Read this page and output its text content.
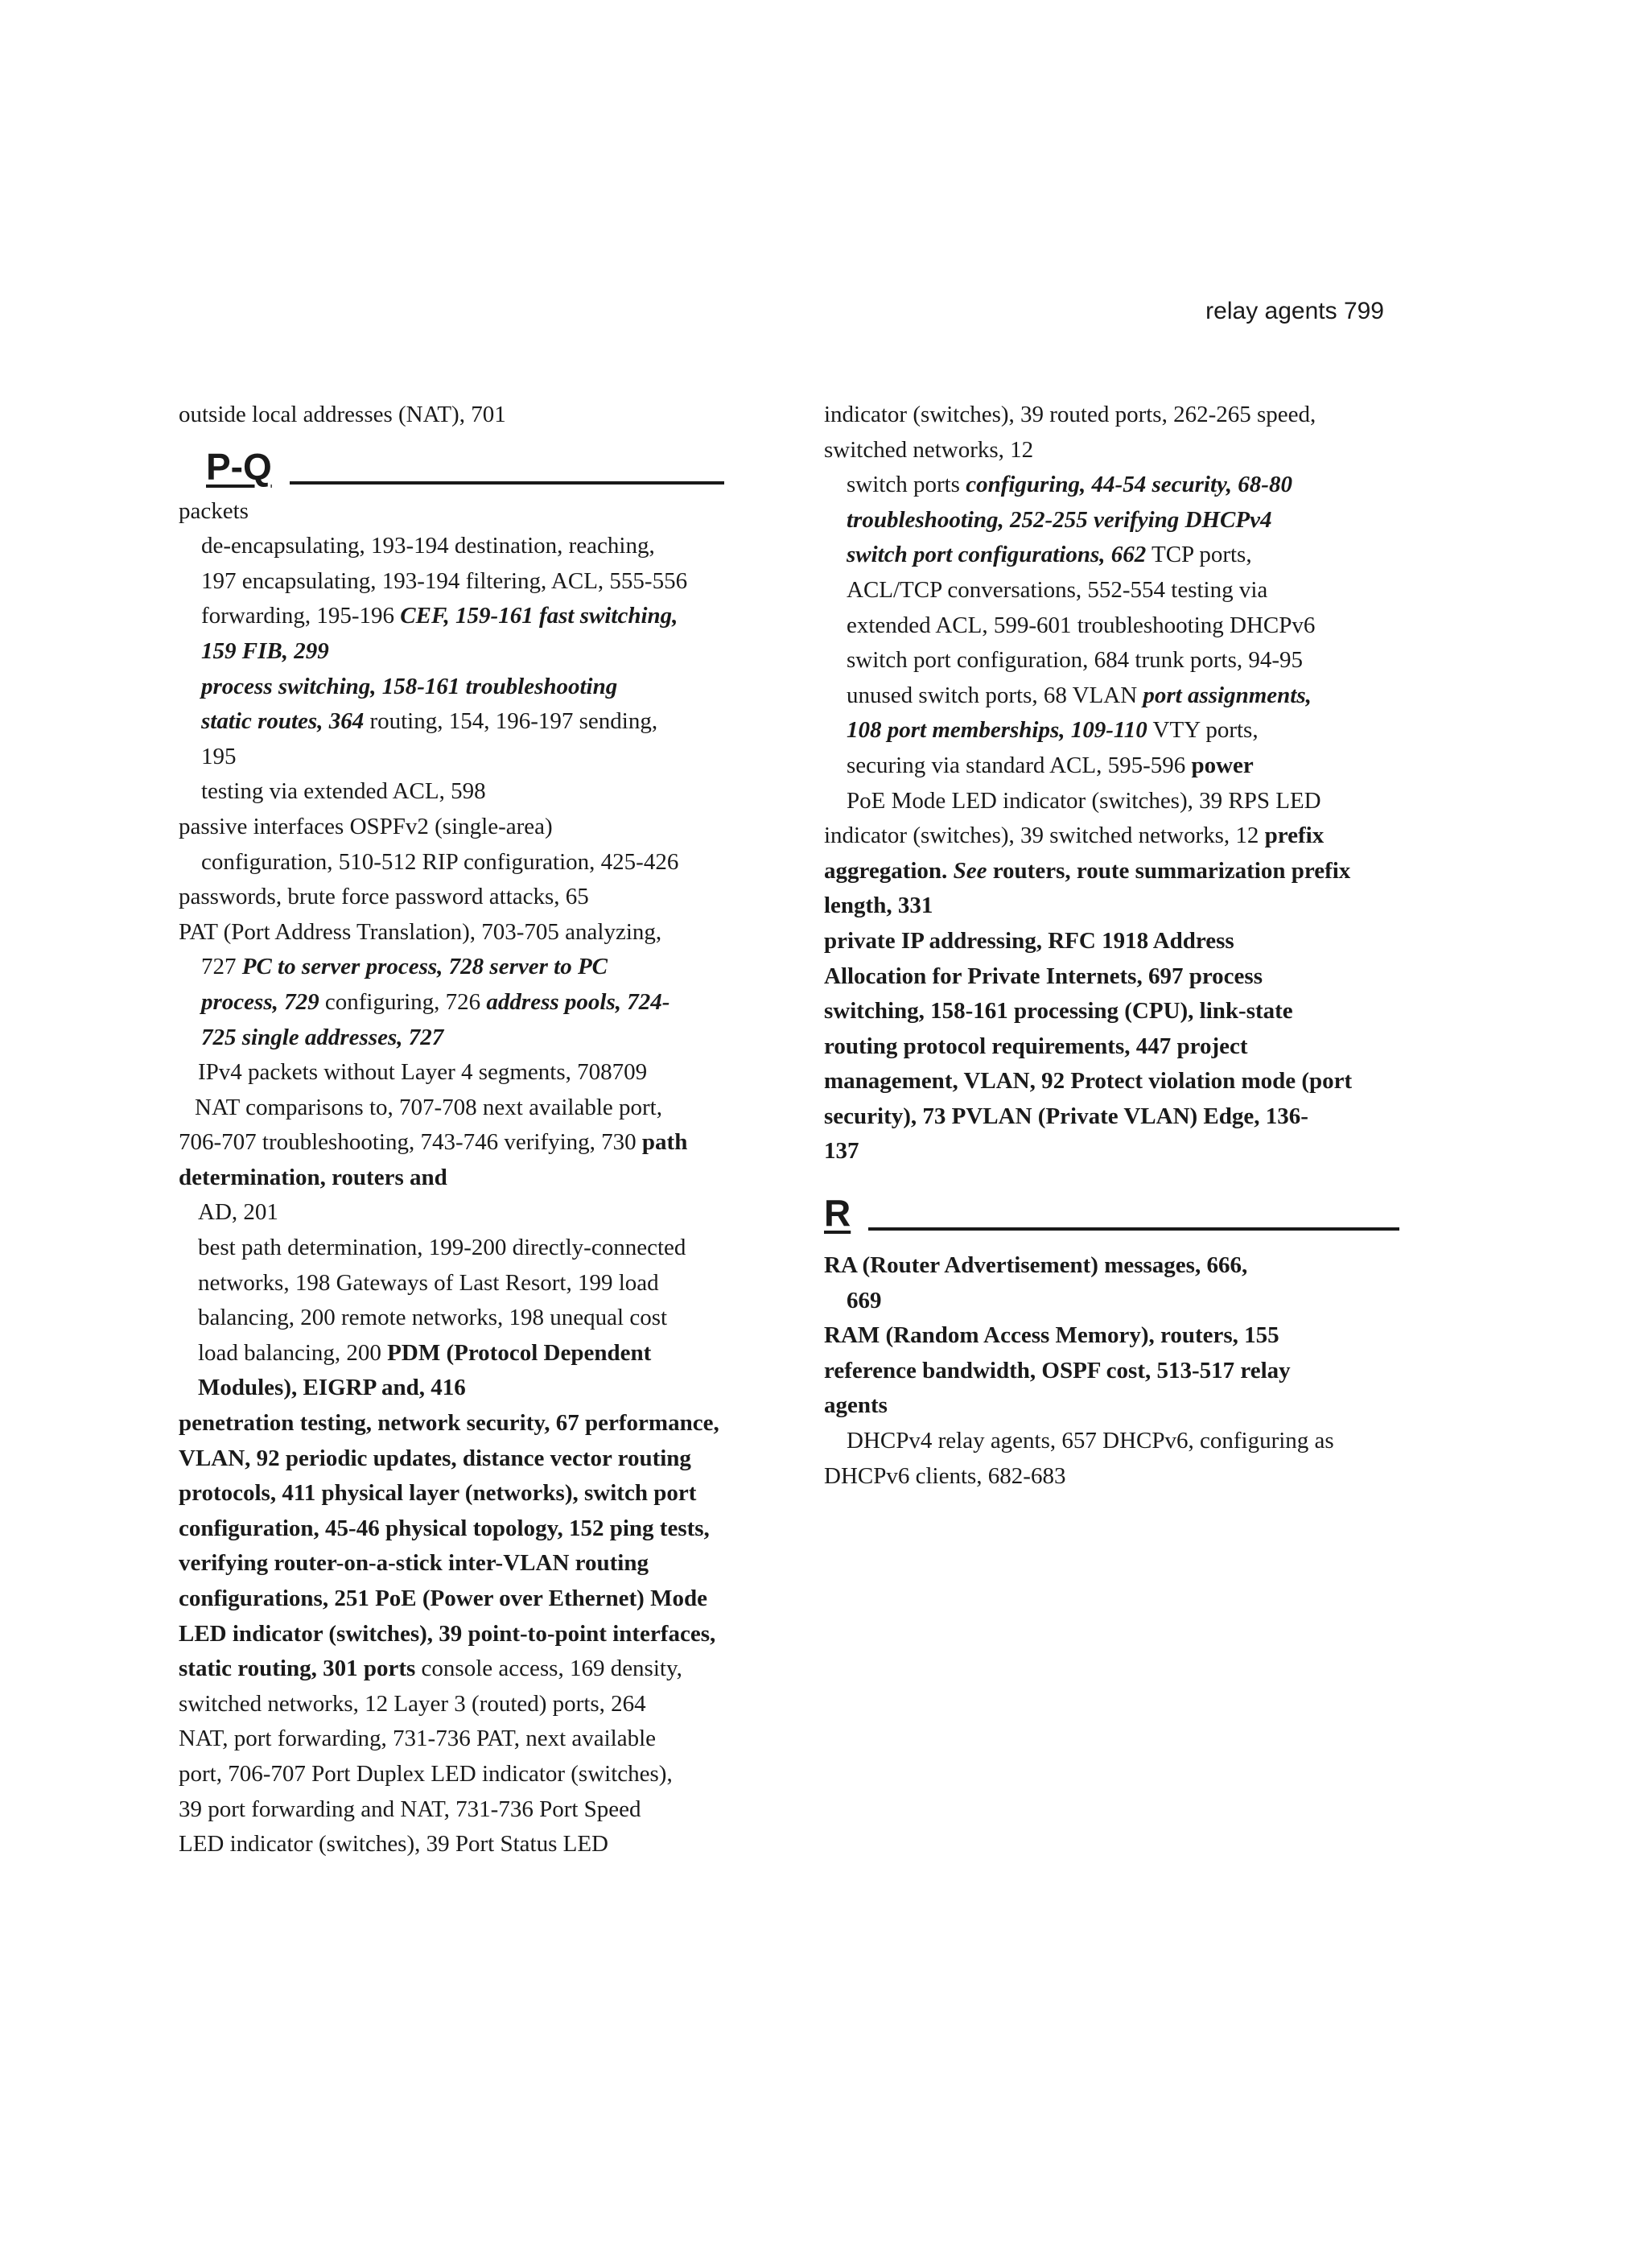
relay agents 799
outside local addresses (NAT), 701
P-Q
packets
de-encapsulating, 193-194 destination, reaching,
197 encapsulating, 193-194 filtering, ACL, 555-556
forwarding, 195-196 CEF, 159-161 fast switching,
159 FIB, 299
process switching, 158-161 troubleshooting
static routes, 364 routing, 154, 196-197 sending,
195
testing via extended ACL, 598
passive interfaces OSPFv2 (single-area)
configuration, 510-512 RIP configuration, 425-426
passwords, brute force password attacks, 65
PAT (Port Address Translation), 703-705 analyzing,
727 PC to server process, 728 server to PC
process, 729 configuring, 726 address pools, 724-
725 single addresses, 727
IPv4 packets without Layer 4 segments, 708709
NAT comparisons to, 707-708 next available port,
706-707 troubleshooting, 743-746 verifying, 730 path
determination, routers and
AD, 201
best path determination, 199-200 directly-connected
networks, 198 Gateways of Last Resort, 199 load
balancing, 200 remote networks, 198 unequal cost
load balancing, 200 PDM (Protocol Dependent
Modules), EIGRP and, 416
penetration testing, network security, 67 performance,
VLAN, 92 periodic updates, distance vector routing
protocols, 411 physical layer (networks), switch port
configuration, 45-46 physical topology, 152 ping tests,
verifying router-on-a-stick inter-VLAN routing
configurations, 251 PoE (Power over Ethernet) Mode
LED indicator (switches), 39 point-to-point interfaces,
static routing, 301 ports console access, 169 density,
switched networks, 12 Layer 3 (routed) ports, 264
NAT, port forwarding, 731-736 PAT, next available
port, 706-707 Port Duplex LED indicator (switches),
39 port forwarding and NAT, 731-736 Port Speed
LED indicator (switches), 39 Port Status LED
indicator (switches), 39 routed ports, 262-265 speed,
switched networks, 12
switch ports configuring, 44-54 security, 68-80
troubleshooting, 252-255 verifying DHCPv4
switch port configurations, 662 TCP ports,
ACL/TCP conversations, 552-554 testing via
extended ACL, 599-601 troubleshooting DHCPv6
switch port configuration, 684 trunk ports, 94-95
unused switch ports, 68 VLAN port assignments,
108 port memberships, 109-110 VTY ports,
securing via standard ACL, 595-596 power
PoE Mode LED indicator (switches), 39 RPS LED
indicator (switches), 39 switched networks, 12 prefix
aggregation. See routers, route summarization prefix
length, 331
private IP addressing, RFC 1918 Address
Allocation for Private Internets, 697 process
switching, 158-161 processing (CPU), link-state
routing protocol requirements, 447 project
management, VLAN, 92 Protect violation mode (port
security), 73 PVLAN (Private VLAN) Edge, 136-
137
R
RA (Router Advertisement) messages, 666,
669
RAM (Random Access Memory), routers, 155
reference bandwidth, OSPF cost, 513-517 relay
agents
DHCPv4 relay agents, 657 DHCPv6, configuring as
DHCPv6 clients, 682-683
